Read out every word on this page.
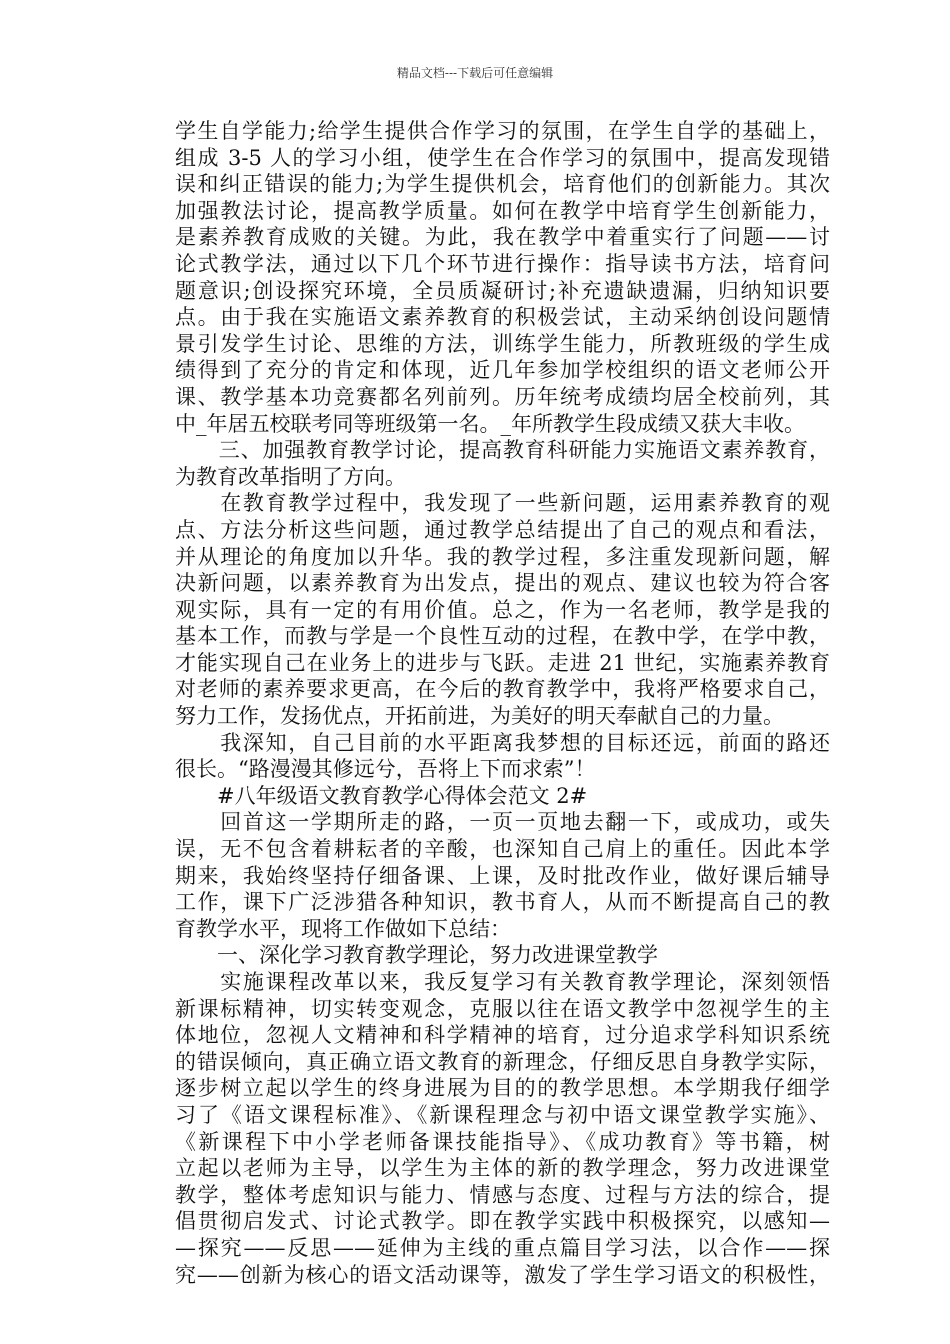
精品文档---下载后可任意编辑
学生自学能力;给学生提供合作学习的氛围，在学生自学的基础上，
组成 3-5 人的学习小组，使学生在合作学习的氛围中，提高发现错
误和纠正错误的能力;为学生提供机会，培育他们的创新能力。其次
加强教法讨论，提高教学质量。如何在教学中培育学生创新能力，
是素养教育成败的关键。为此，我在教学中着重实行了问题——讨
论式教学法，通过以下几个环节进行操作：指导读书方法，培育问
题意识;创设探究环境，全员质凝研讨;补充遗缺遗漏，归纳知识要
点。由于我在实施语文素养教育的积极尝试，主动采纳创设问题情
景引发学生讨论、思维的方法，训练学生能力，所教班级的学生成
绩得到了充分的肯定和体现，近几年参加学校组织的语文老师公开
课、教学基本功竞赛都名列前列。历年统考成绩均居全校前列，其
中_年居五校联考同等班级第一名。_年所教学生段成绩又获大丰收。
　　三、加强教育教学讨论，提高教育科研能力实施语文素养教育，
为教育改革指明了方向。
　　在教育教学过程中，我发现了一些新问题，运用素养教育的观
点、方法分析这些问题，通过教学总结提出了自己的观点和看法，
并从理论的角度加以升华。我的教学过程，多注重发现新问题，解
决新问题，以素养教育为出发点，提出的观点、建议也较为符合客
观实际，具有一定的有用价值。总之，作为一名老师，教学是我的
基本工作，而教与学是一个良性互动的过程，在教中学，在学中教，
才能实现自己在业务上的进步与飞跃。走进 21 世纪，实施素养教育
对老师的素养要求更高，在今后的教育教学中，我将严格要求自己，
努力工作，发扬优点，开拓前进，为美好的明天奉献自己的力量。
　　我深知，自己目前的水平距离我梦想的目标还远，前面的路还
很长。“路漫漫其修远兮，吾将上下而求索”！
　　#八年级语文教育教学心得体会范文 2#
　　回首这一学期所走的路，一页一页地去翻一下，或成功，或失
误，无不包含着耕耘者的辛酸，也深知自己肩上的重任。因此本学
期来，我始终坚持仔细备课、上课，及时批改作业，做好课后辅导
工作，课下广泛涉猎各种知识，教书育人，从而不断提高自己的教
育教学水平，现将工作做如下总结：
　　一、深化学习教育教学理论，努力改进课堂教学
　　实施课程改革以来，我反复学习有关教育教学理论，深刻领悟
新课标精神，切实转变观念，克服以往在语文教学中忽视学生的主
体地位，忽视人文精神和科学精神的培育，过分追求学科知识系统
的错误倾向，真正确立语文教育的新理念，仔细反思自身教学实际，
逐步树立起以学生的终身进展为目的的教学思想。本学期我仔细学
习了《语文课程标准》、《新课程理念与初中语文课堂教学实施》、
《新课程下中小学老师备课技能指导》、《成功教育》等书籍，树
立起以老师为主导，以学生为主体的新的教学理念，努力改进课堂
教学，整体考虑知识与能力、情感与态度、过程与方法的综合，提
倡贯彻启发式、讨论式教学。即在教学实践中积极探究，以感知—
—探究——反思——延伸为主线的重点篇目学习法，以合作——探
究——创新为核心的语文活动课等，激发了学生学习语文的积极性，
